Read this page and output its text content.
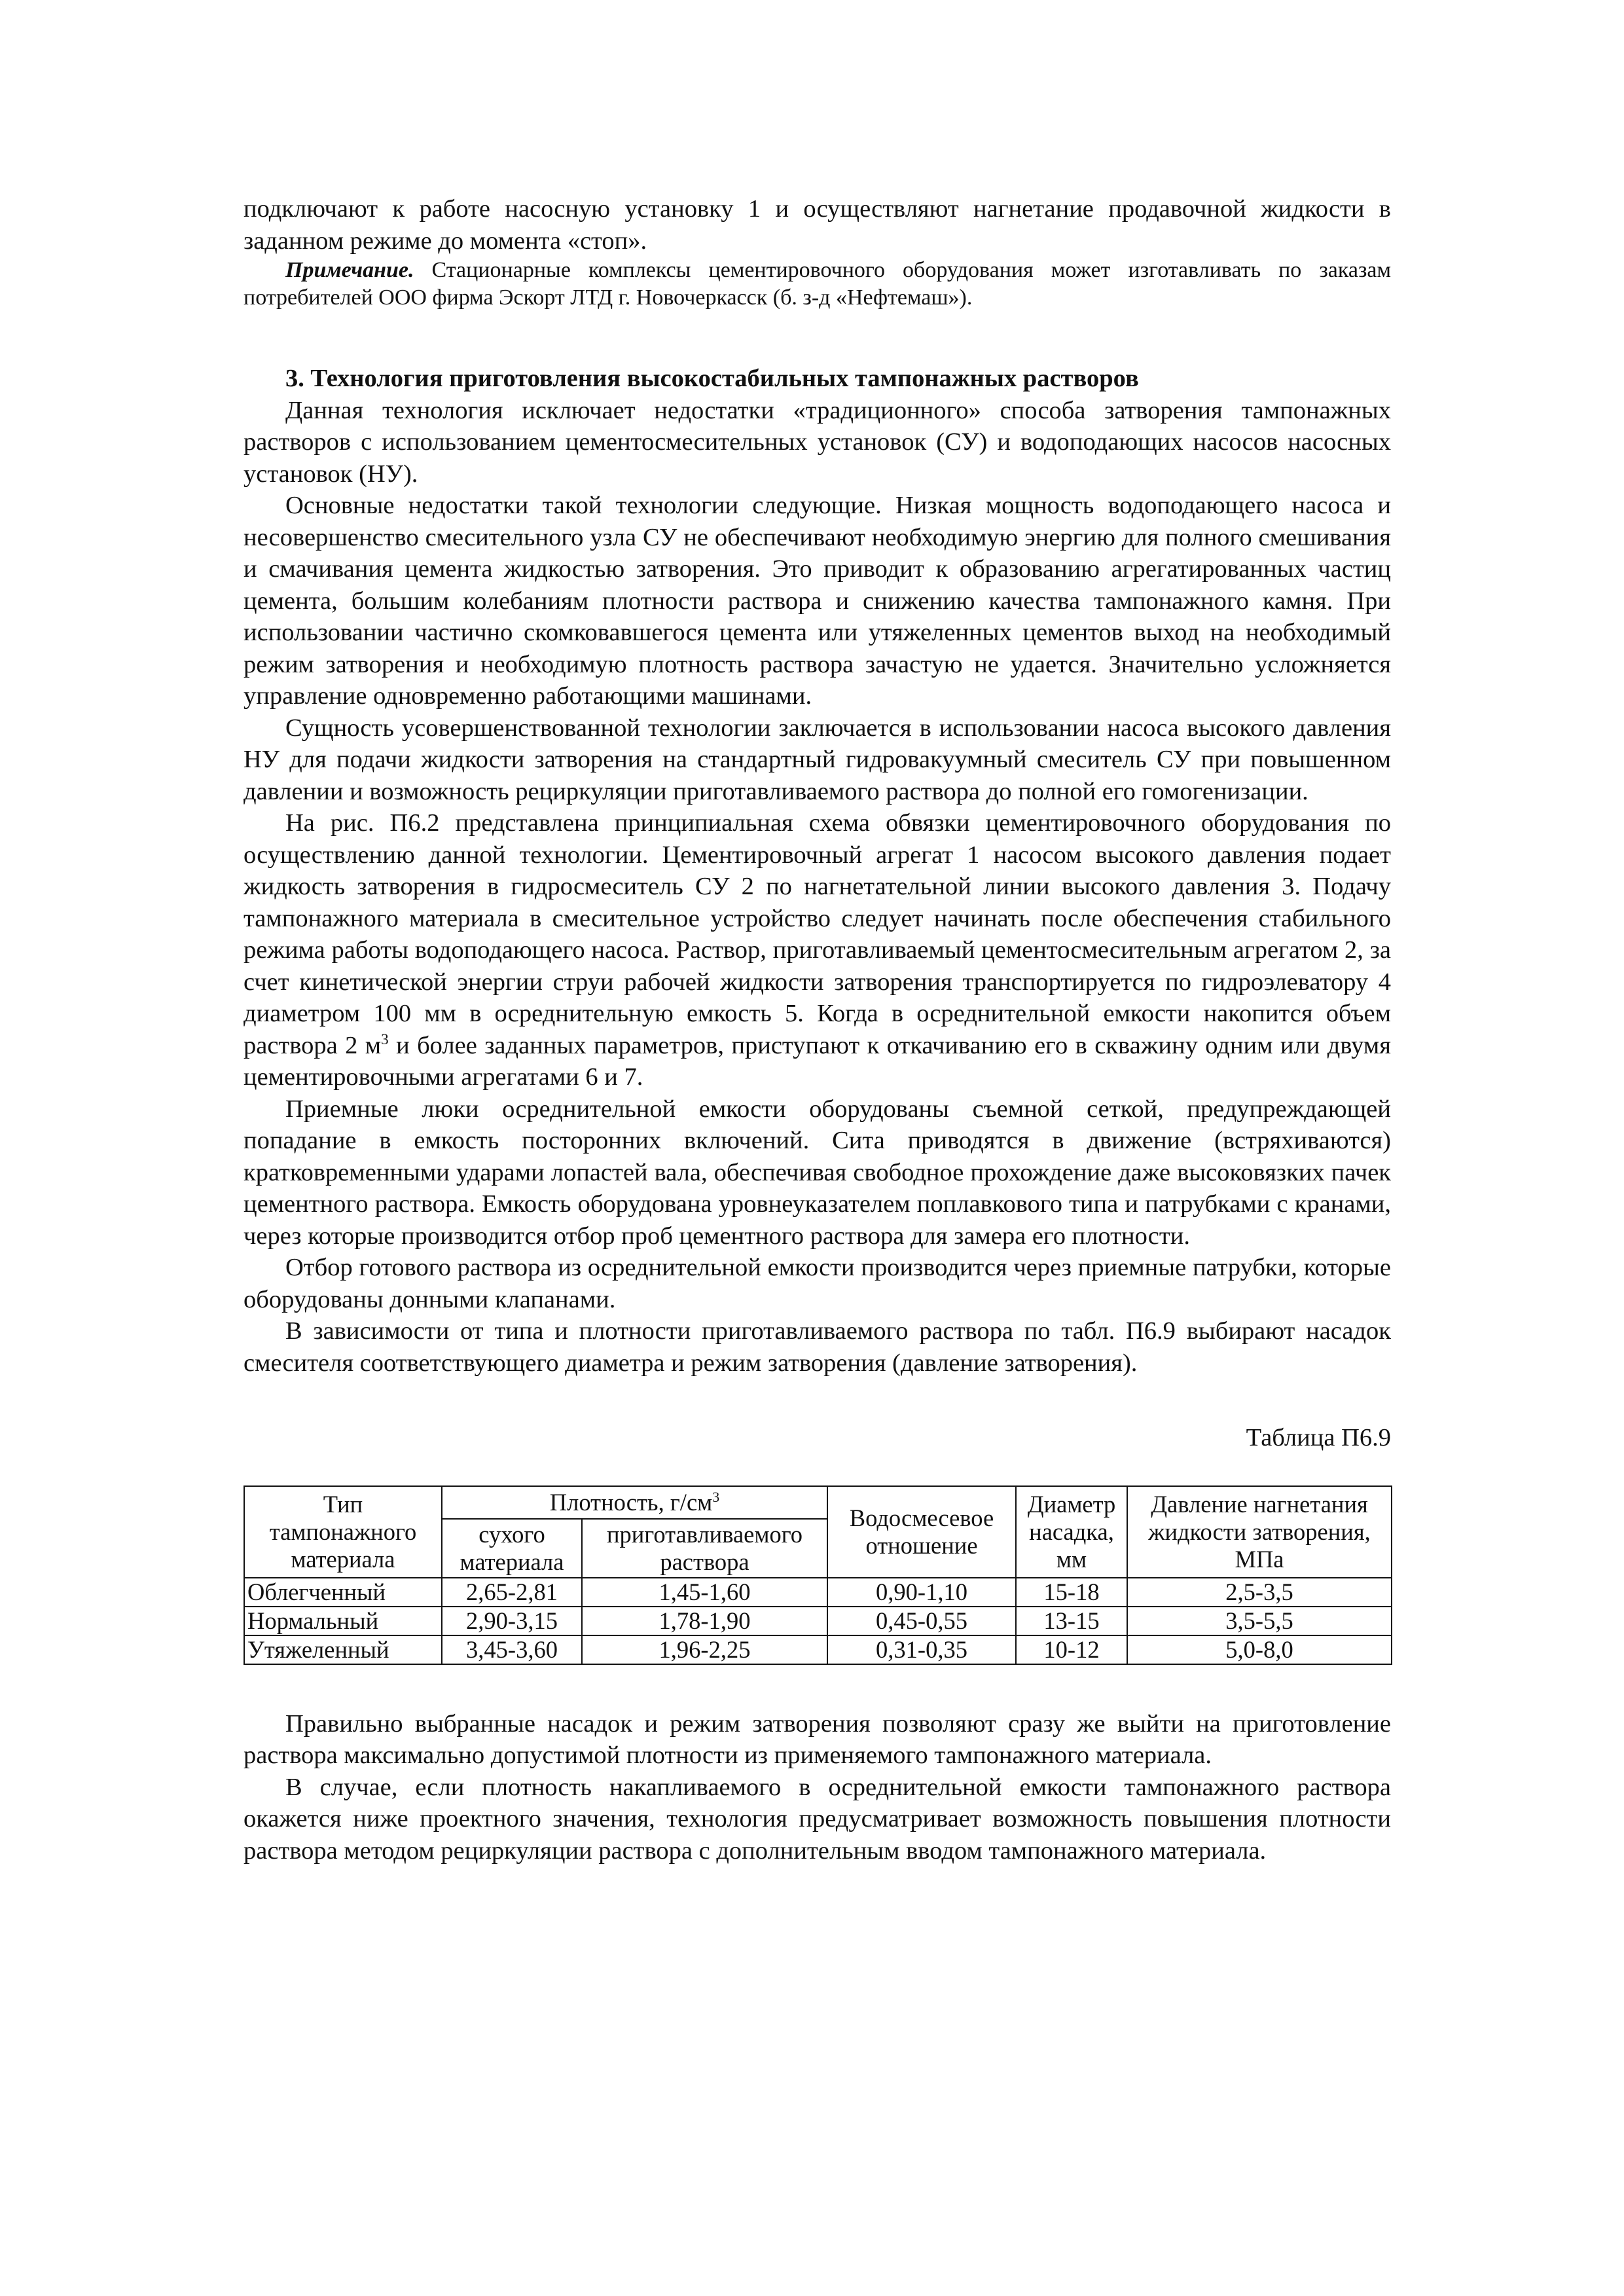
подключают к работе насосную установку 1 и осуществляют нагнетание продавочной жидкости в заданном режиме до момента «стоп».

Примечание. Стационарные комплексы цементировочного оборудования может изготавливать по заказам потребителей ООО фирма Эскорт ЛТД г. Новочеркасск (б. з-д «Нефтемаш»).

3. Технология приготовления высокостабильных тампонажных растворов

Данная технология исключает недостатки «традиционного» способа затворения тампонажных растворов с использованием цементосмесительных установок (СУ) и водоподающих насосов насосных установок (НУ).

Основные недостатки такой технологии следующие. Низкая мощность водоподающего насоса и несовершенство смесительного узла СУ не обеспечивают необходимую энергию для полного смешивания и смачивания цемента жидкостью затворения. Это приводит к образованию агрегатированных частиц цемента, большим колебаниям плотности раствора и снижению качества тампонажного камня. При использовании частично скомковавшегося цемента или утяжеленных цементов выход на необходимый режим затворения и необходимую плотность раствора зачастую не удается. Значительно усложняется управление одновременно работающими машинами.

Сущность усовершенствованной технологии заключается в использовании насоса высокого давления НУ для подачи жидкости затворения на стандартный гидровакуумный смеситель СУ при повышенном давлении и возможность рециркуляции приготавливаемого раствора до полной его гомогенизации.

На рис. П6.2 представлена принципиальная схема обвязки цементировочного оборудования по осуществлению данной технологии. Цементировочный агрегат 1 насосом высокого давления подает жидкость затворения в гидросмеситель СУ 2 по нагнетательной линии высокого давления 3. Подачу тампонажного материала в смесительное устройство следует начинать после обеспечения стабильного режима работы водоподающего насоса. Раствор, приготавливаемый цементосмесительным агрегатом 2, за счет кинетической энергии струи рабочей жидкости затворения транспортируется по гидроэлеватору 4 диаметром 100 мм в осреднительную емкость 5. Когда в осреднительной емкости накопится объем раствора 2 $м^3$ и более заданных параметров, приступают к откачиванию его в скважину одним или двумя цементировочными агрегатами 6 и 7.

Приемные люки осреднительной емкости оборудованы съемной сеткой, предупреждающей попадание в емкость посторонних включений. Сита приводятся в движение (встряхиваются) кратковременными ударами лопастей вала, обеспечивая свободное прохождение даже высоковязких пачек цементного раствора. Емкость оборудована уровнеуказателем поплавкового типа и патрубками с кранами, через которые производится отбор проб цементного раствора для замера его плотности.

Отбор готового раствора из осреднительной емкости производится через приемные патрубки, которые оборудованы донными клапанами.

В зависимости от типа и плотности приготавливаемого раствора по табл. П6.9 выбирают насадок смесителя соответствующего диаметра и режим затворения (давление затворения).

Таблица П6.9
Тип тампонажного материала	Плотность, $г/см^3$		Водосмесевое отношение	Диаметр насадка, мм	Давление нагнетания жидкости затворения, МПа
	сухого материала	приготавливаемого раствора			
Облегченный	2,65-2,81	1,45-1,60	0,90-1,10	15-18	2,5-3,5
Нормальный	2,90-3,15	1,78-1,90	0,45-0,55	13-15	3,5-5,5
Утяжеленный	3,45-3,60	1,96-2,25	0,31-0,35	10-12	5,0-8,0

Правильно выбранные насадок и режим затворения позволяют сразу же выйти на приготовление раствора максимально допустимой плотности из применяемого тампонажного материала.

В случае, если плотность накапливаемого в осреднительной емкости тампонажного раствора окажется ниже проектного значения, технология предусматривает возможность повышения плотности раствора методом рециркуляции раствора с дополнительным вводом тампонажного материала.
